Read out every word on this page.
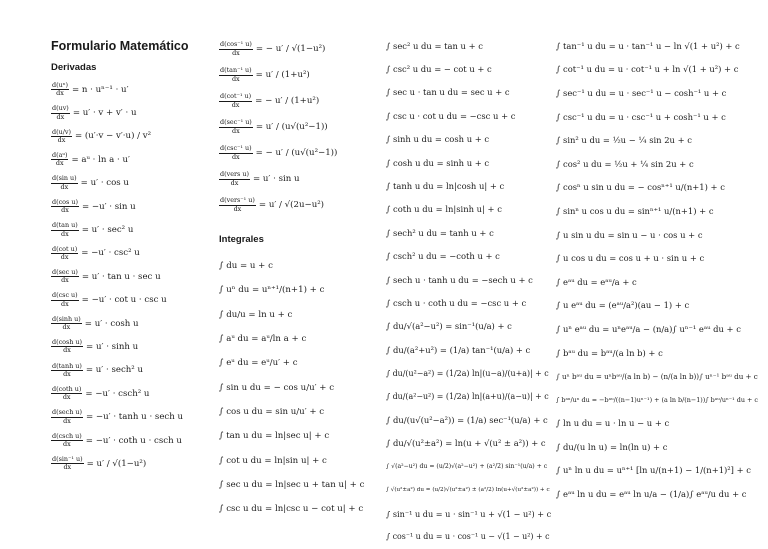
Formulario Matemático
Derivadas
$\frac{\text{d(uⁿ)}}{dx} = n \cdot u^{n-1} \cdot u'$
$\frac{d(uv)}{dx} = u' \cdot v + v' \cdot u$
$\frac{d(u/v)}{dx} = (u'\cdot v - v'\cdot u) / v^2$
$\frac{\text{d(aᵘ)}}{dx}$ = aᵘ · ln a · u′
$\frac{\text{d(sin u)}}{dx} = u' \cdot \cos u$
$\frac{\text{d(cos u)}}{dx} = -u' \cdot \sin u$
$\frac{\text{d(tan u)}}{dx} = u' \cdot \sec^2$ u
$\frac{\text{d(cot u)}}{dx} = -u' \cdot \csc^2$ u
$\frac{\text{d(sec u)}}{dx} = u' \cdot \tan u \cdot \sec u$
$\frac{\text{d(csc u)}}{dx} = -u' \cdot \cot u \cdot \csc u$
$\frac{\text{d(sinh u)}}{dx} = u' \cdot \cosh u$
$\frac{\text{d(cosh u)}}{dx} = u' \cdot \sinh u$
$\frac{\text{d(tanh u)}}{dx} = u' \cdot \sec h^2$ u
$\frac{\text{d(coth u)}}{dx} = -u' \cdot \csc h^2$ u
$\frac{\text{d(sech u)}}{dx} = -u' \cdot \tanh u \cdot \sec h$ u
$\frac{\text{d(csch u)}}{dx} = -u' \cdot \cot h$ u · csch u
$\frac{\text{d(sin⁻¹ u)}}{dx} = u' / √(1-u^2)$
$\frac{\text{d(cos⁻¹ u)}}{dx}$ = − u′ / √(1−u²)
$\frac{\text{d(tan⁻¹ u)}}{dx} = u' / (1+u^2)$
$\frac{\text{d(cot⁻¹ u)}}{dx}$ = − u′ / (1+u²)
$\frac{\text{d(sec⁻¹ u)}}{dx} = u' / (u√(u^2-1))$
$\frac{\text{d(csc⁻¹ u)}}{dx}$ = − u′ / (u√(u²−1))
$\frac{\text{d(vers u)}}{dx} = u' \cdot \sin u$
$\frac{\text{d(vers⁻¹ u)}}{dx} = u' / √(2u-u^2)$
Integrales
∫ du = u + c
∫ uⁿ du = uⁿ⁺¹/(n+1) + c
∫ du/u = ln u + c
∫ aᵘ du = aᵘ/ln a + c
∫ eᵘ du = eᵘ/u′ + c
∫ sin u du = − cos u/u′ + c
∫ cos u du = sin u/u′ + c
∫ tan u du = ln|sec u| + c
∫ cot u du = ln|sin u| + c
∫ sec u du = ln|sec u + tan u| + c
∫ csc u du = ln|csc u − cot u| + c
∫ sec² u du = tan u + c
∫ csc² u du = − cot u + c
∫ sec u · tan u du = sec u + c
∫ csc u · cot u du = −csc u + c
∫ sinh u du = cosh u + c
∫ cosh u du = sinh u + c
∫ tanh u du = ln|cosh u| + c
∫ coth u du = ln|sinh u| + c
∫ sech² u du = tanh u + c
∫ csch² u du = −coth u + c
∫ sech u · tanh u du = −sech u + c
∫ csch u · coth u du = −csc u + c
∫ du/√(a²−u²) = sin⁻¹(u/a) + c
∫ du/(a²+u²) = (1/a) tan⁻¹(u/a) + c
∫ du/(u²−a²) = (1/2a) ln|(u−a)/(u+a)| + c
∫ du/(a²−u²) = (1/2a) ln|(a+u)/(a−u)| + c
∫ du/(u√(u²−a²)) = (1/a) sec⁻¹(u/a) + c
∫ du/√(u²±a²) = ln(u + √(u² ± a²)) + c
∫ √(a²−u²) du = (u/2)√(a²−u²) + (a²/2) sin⁻¹(u/a) + c
∫ √(u²±a²) du = (u/2)√(u²±a²) ± (a²/2) ln(u+√(u²±a²)) + c
∫ sin⁻¹ u du = u · sin⁻¹ u + √(1 − u²) + c
∫ cos⁻¹ u du = u · cos⁻¹ u − √(1 − u²) + c
∫ tan⁻¹ u du = u · tan⁻¹ u − ln √(1 + u²) + c
∫ cot⁻¹ u du = u · cot⁻¹ u + ln √(1 + u²) + c
∫ sec⁻¹ u du = u · sec⁻¹ u − cosh⁻¹ u + c
∫ csc⁻¹ u du = u · csc⁻¹ u + cosh⁻¹ u + c
∫ sin² u du = ½u − ¼ sin 2u + c
∫ cos² u du = ½u + ¼ sin 2u + c
∫ cosⁿ u sin u du = − cosⁿ⁺¹ u/(n+1) + c
∫ sinⁿ u cos u du = sinⁿ⁺¹ u/(n+1) + c
∫ u sin u du = sin u − u · cos u + c
∫ u cos u du = cos u + u · sin u + c
∫ eᵃᵘ du = eᵃᵘ/a + c
∫ u eᵃᵘ du = (eᵃᵘ/a²)(au − 1) + c
∫ uⁿ eᵃᵘ du = uⁿeᵃᵘ/a − (n/a)∫ uⁿ⁻¹ eᵃᵘ du + c
∫ bᵃᵘ du = bᵃᵘ/(a ln b) + c
∫ uⁿ bᵃᵘ du = uⁿbᵃᵘ/(a ln b) − (n/(a ln b))∫ uⁿ⁻¹ bᵃᵘ du + c
∫ bᵃᵘ/uⁿ du = −bᵃᵘ/((n−1)uⁿ⁻¹) + (a ln b/(n−1))∫ bᵃᵘ/uⁿ⁻¹ du + c
∫ ln u du = u · ln u − u + c
∫ du/(u ln u) = ln(ln u) + c
∫ uⁿ ln u du = uⁿ⁺¹ [ln u/(n+1) − 1/(n+1)²] + c
∫ eᵃᵘ ln u du = eᵃᵘ ln u/a − (1/a)∫ eᵃᵘ/u du + c
